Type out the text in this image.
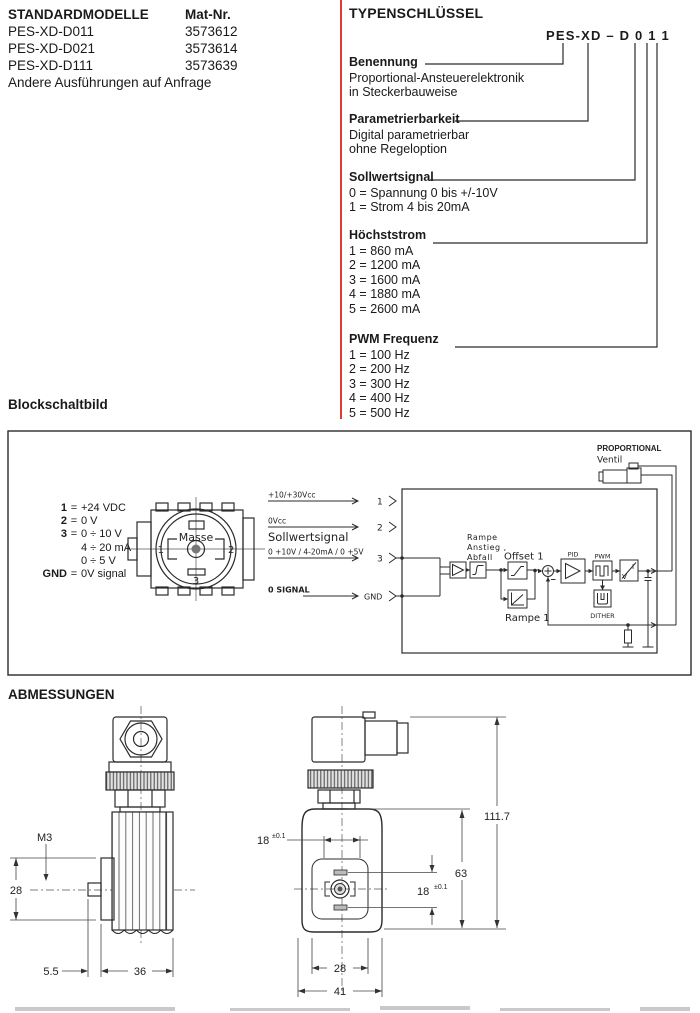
Masse
1	2
3
+10/+30Vcc
0Vcc
Sollwertsignal
0 +10V / 4-20mA / 0 +5V
0 SIGNAL
1
2
3
GND
Rampe
Anstieg ,
Abfall Offset 1
Rampe 1
PID PWM
DITHER
I
V
PROPORTIONAL
Ventil
M3
28
5.5	36
18 ±0.1
18 ±0.1
63
111.7
28
41
STANDARDMODELLE	Mat-Nr.
PES-XD-D011	3573612
PES-XD-D021	3573614
PES-XD-D111	3573639
Andere Ausführungen auf Anfrage
TYPENSCHLÜSSEL
PES-XD – D 0 1 1
Benennung
Proportional-Ansteuerelektronik
in Steckerbauweise
Parametrierbarkeit
Digital parametrierbar
ohne Regeloption
Sollwertsignal
0 = Spannung 0 bis +/-10V
1 = Strom 4 bis 20mA
Höchststrom
1 = 860 mA
2 = 1200 mA
3 = 1600 mA
4 = 1880 mA
5 = 2600 mA
PWM Frequenz
1 = 100 Hz
2 = 200 Hz
3 = 300 Hz
4 = 400 Hz
5 = 500 Hz
Blockschaltbild
1 = +24 VDC
2 = 0 V
3 = 0 ÷ 10 V
4 ÷ 20 mA
0 ÷ 5 V
GND = 0V signal
ABMESSUNGEN
